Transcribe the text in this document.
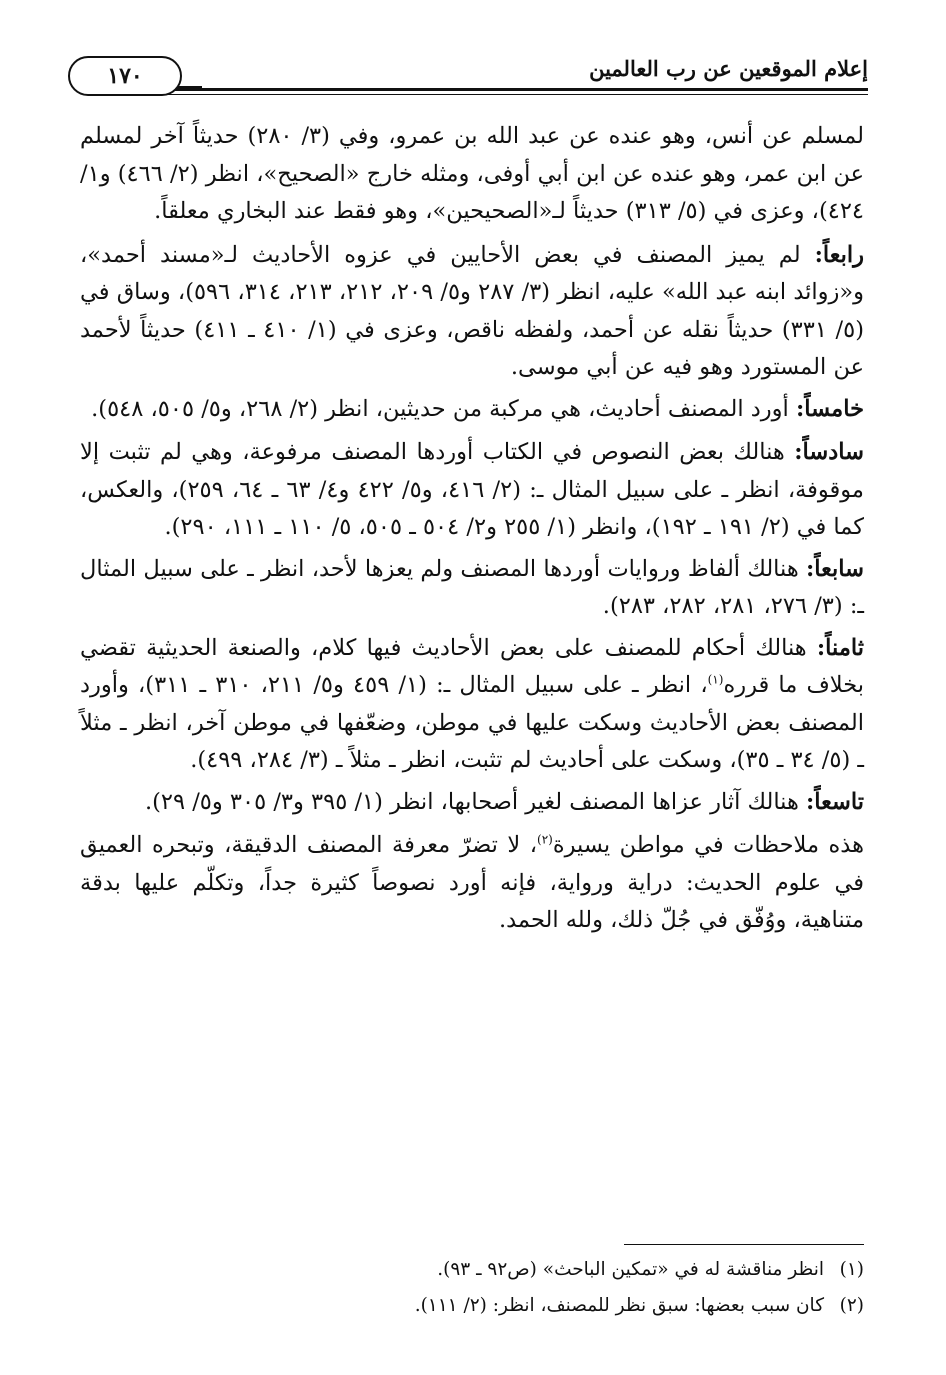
إعلام الموقعين عن رب العالمين
١٧٠

لمسلم عن أنس، وهو عنده عن عبد الله بن عمرو، وفي (٣/ ٢٨٠) حديثاً آخر لمسلم عن ابن عمر، وهو عنده عن ابن أبي أوفى، ومثله خارج «الصحيح»، انظر (٢/ ٤٦٦) و١/ ٤٢٤)، وعزى في (٥/ ٣١٣) حديثاً لـ«الصحيحين»، وهو فقط عند البخاري معلقاً.

رابعاً: لم يميز المصنف في بعض الأحايين في عزوه الأحاديث لـ«مسند أحمد»، و«زوائد ابنه عبد الله» عليه، انظر (٣/ ٢٨٧ و٥/ ٢٠٩، ٢١٢، ٢١٣، ٣١٤، ٥٩٦)، وساق في (٥/ ٣٣١) حديثاً نقله عن أحمد، ولفظه ناقص، وعزى في (١/ ٤١٠ ـ ٤١١) حديثاً لأحمد عن المستورد وهو فيه عن أبي موسى.

خامساً: أورد المصنف أحاديث، هي مركبة من حديثين، انظر (٢/ ٢٦٨، و٥/ ٥٠٥، ٥٤٨).

سادساً: هنالك بعض النصوص في الكتاب أوردها المصنف مرفوعة، وهي لم تثبت إلا موقوفة، انظر ـ على سبيل المثال ـ: (٢/ ٤١٦، و٥/ ٤٢٢ و٤/ ٦٣ ـ ٦٤، ٢٥٩)، والعكس، كما في (٢/ ١٩١ ـ ١٩٢)، وانظر (١/ ٢٥٥ و٢/ ٥٠٤ ـ ٥٠٥، ٥/ ١١٠ ـ ١١١، ٢٩٠).

سابعاً: هنالك ألفاظ وروايات أوردها المصنف ولم يعزها لأحد، انظر ـ على سبيل المثال ـ: (٣/ ٢٧٦، ٢٨١، ٢٨٢، ٢٨٣).

ثامناً: هنالك أحكام للمصنف على بعض الأحاديث فيها كلام، والصنعة الحديثية تقضي بخلاف ما قرره$^{(١)}$، انظر ـ على سبيل المثال ـ: (١/ ٤٥٩ و٥/ ٢١١، ٣١٠ ـ ٣١١)، وأورد المصنف بعض الأحاديث وسكت عليها في موطن، وضعّفها في موطن آخر، انظر ـ مثلاً ـ (٥/ ٣٤ ـ ٣٥)، وسكت على أحاديث لم تثبت، انظر ـ مثلاً ـ (٣/ ٢٨٤، ٤٩٩).

تاسعاً: هنالك آثار عزاها المصنف لغير أصحابها، انظر (١/ ٣٩٥ و٣/ ٣٠٥ و٥/ ٢٩).

هذه ملاحظات في مواطن يسيرة$^{(٢)}$، لا تضرّ معرفة المصنف الدقيقة، وتبحره العميق في علوم الحديث: دراية ورواية، فإنه أورد نصوصاً كثيرة جداً، وتكلّم عليها بدقة متناهية، ووُفّق في جُلّ ذلك، ولله الحمد.

(١)
انظر مناقشة له في «تمكين الباحث» (ص٩٢ ـ ٩٣).
(٢)
كان سبب بعضها: سبق نظر للمصنف، انظر: (٢/ ١١١).
